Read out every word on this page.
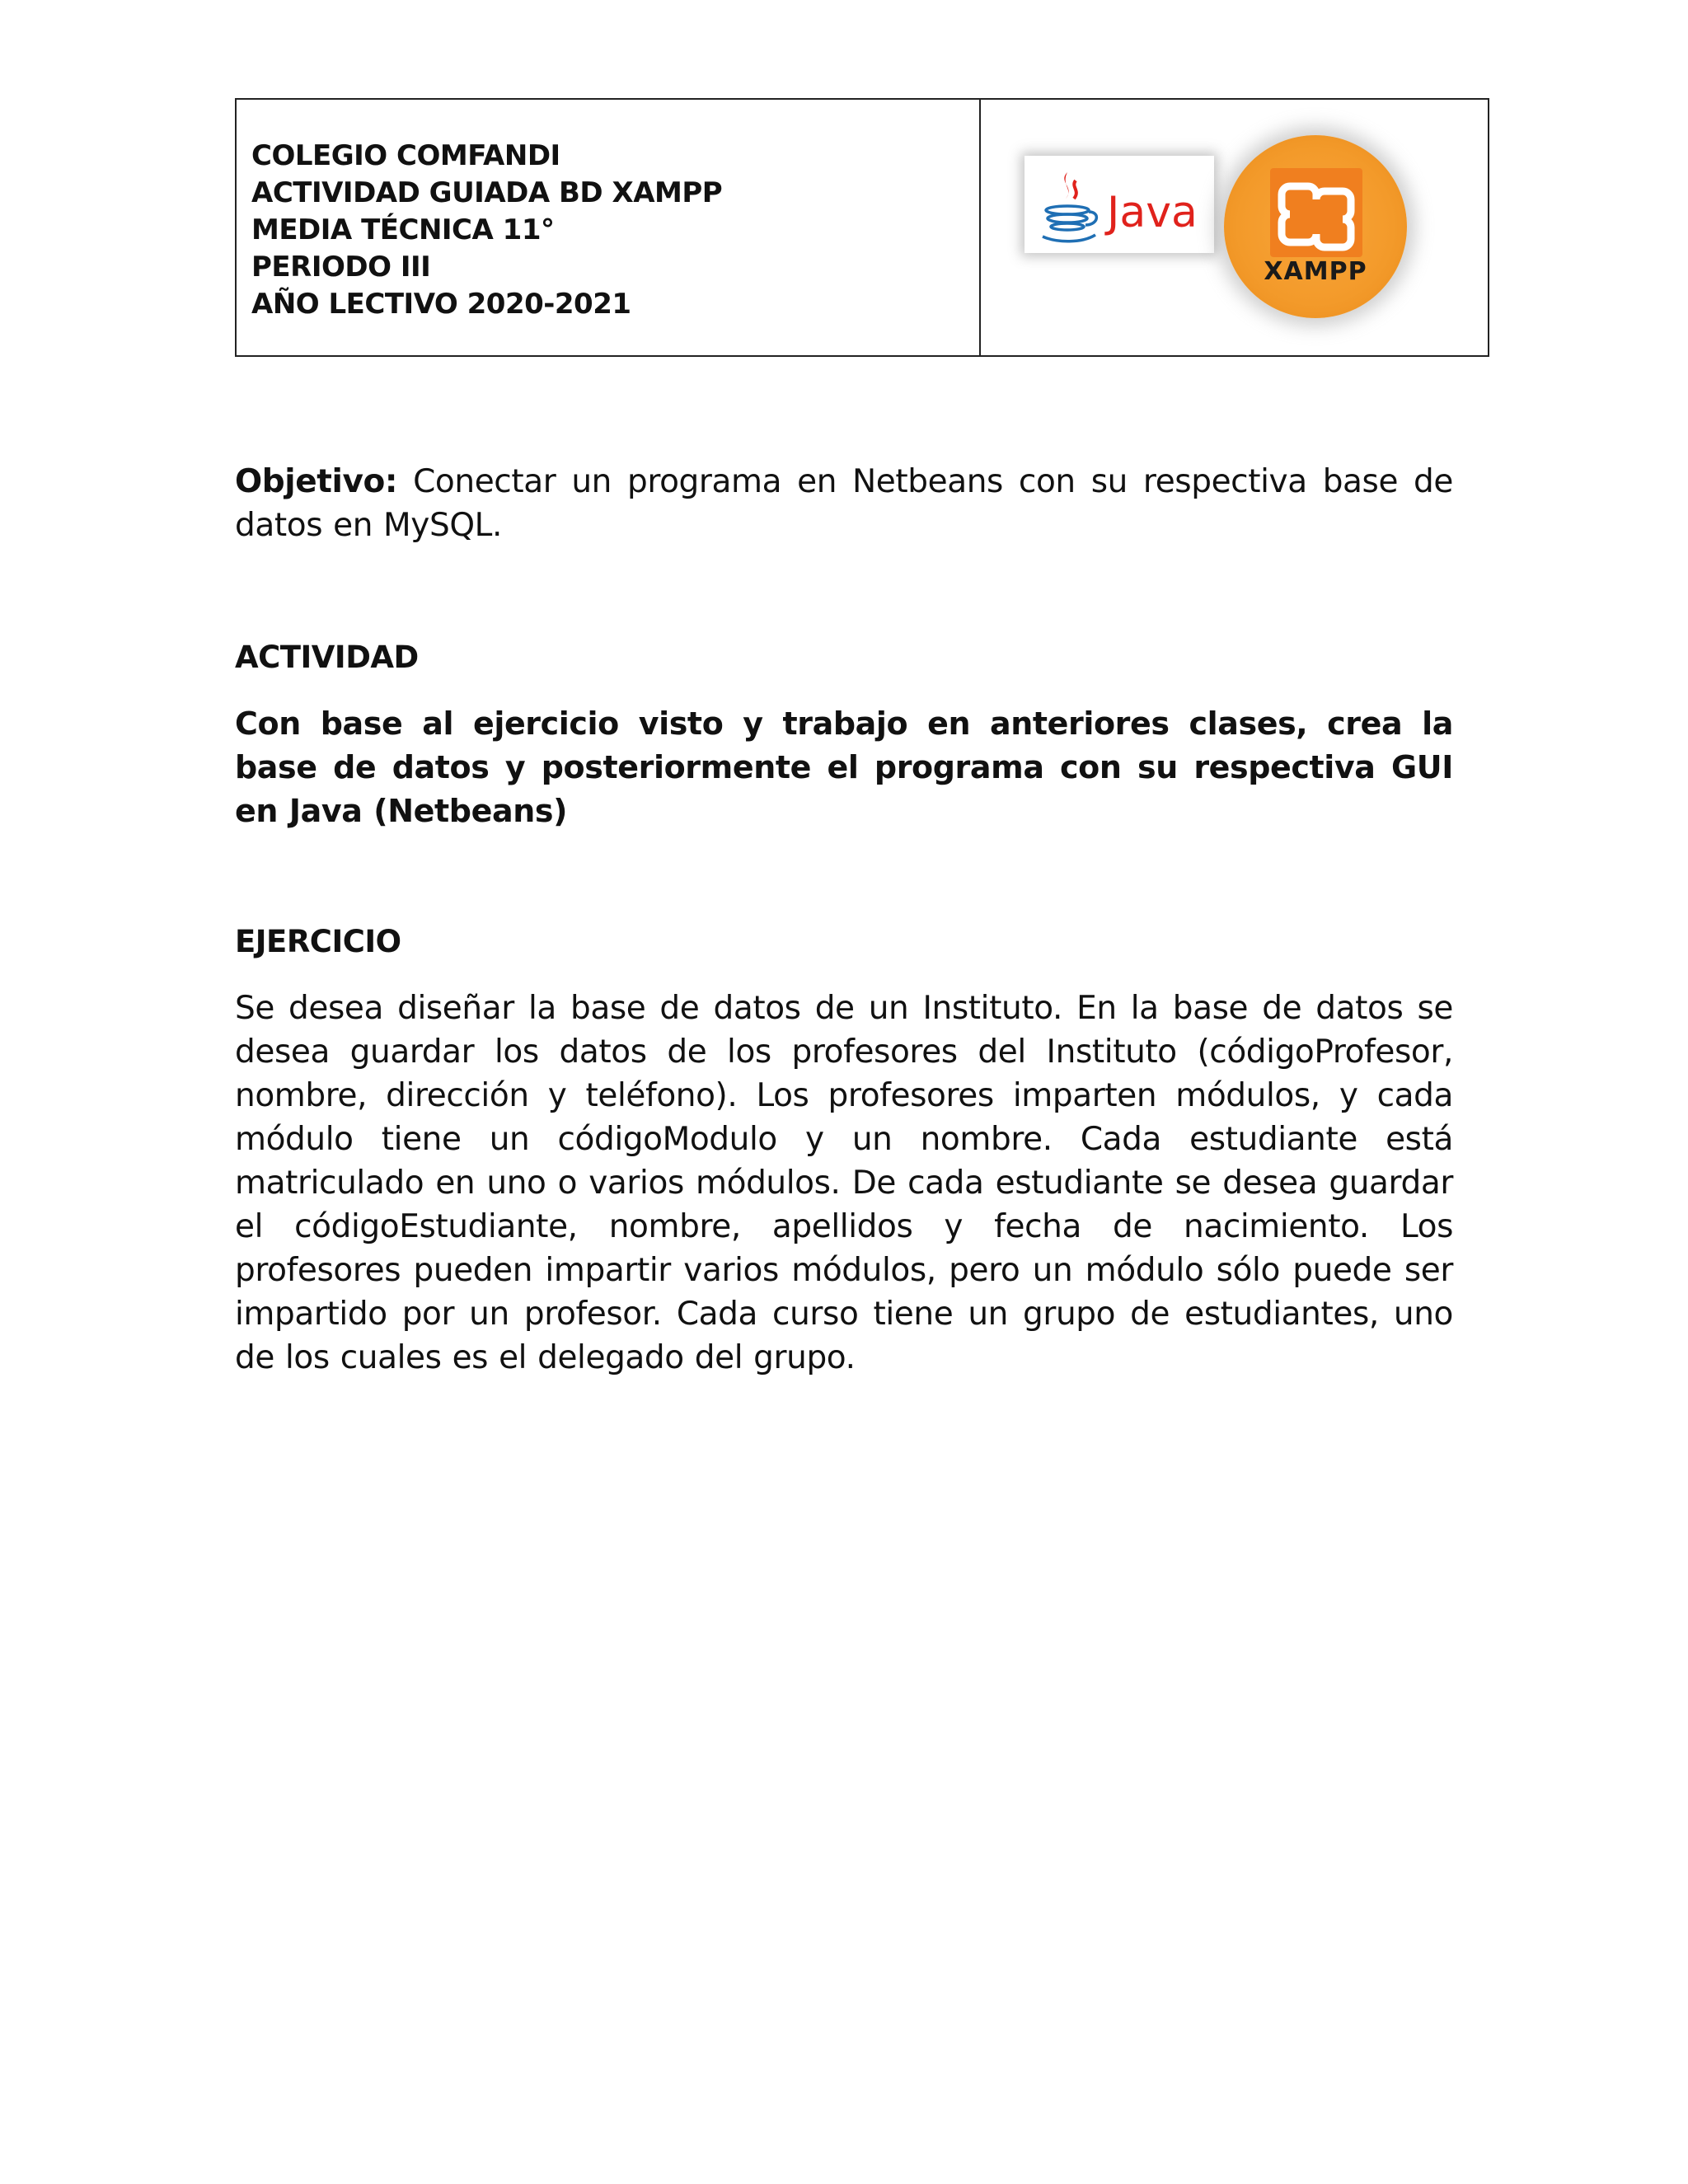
COLEGIO COMFANDI
ACTIVIDAD GUIADA BD XAMPP
MEDIA TÉCNICA 11°
PERIODO III
AÑO LECTIVO 2020-2021
Java
XAMPP
Objetivo: Conectar un programa en Netbeans con su respectiva base de datos en MySQL.
ACTIVIDAD
Con base al ejercicio visto y trabajo en anteriores clases, crea la base de datos y posteriormente el programa con su respectiva GUI en Java (Netbeans)
EJERCICIO
Se desea diseñar la base de datos de un Instituto. En la base de datos se desea guardar los datos de los profesores del Instituto (códigoProfesor, nombre, dirección y teléfono). Los profesores imparten módulos, y cada módulo tiene un códigoModulo y un nombre. Cada estudiante está matriculado en uno o varios módulos. De cada estudiante se desea guardar el códigoEstudiante, nombre, apellidos y fecha de nacimiento. Los profesores pueden impartir varios módulos, pero un módulo sólo puede ser impartido por un profesor. Cada curso tiene un grupo de estudiantes, uno de los cuales es el delegado del grupo.
